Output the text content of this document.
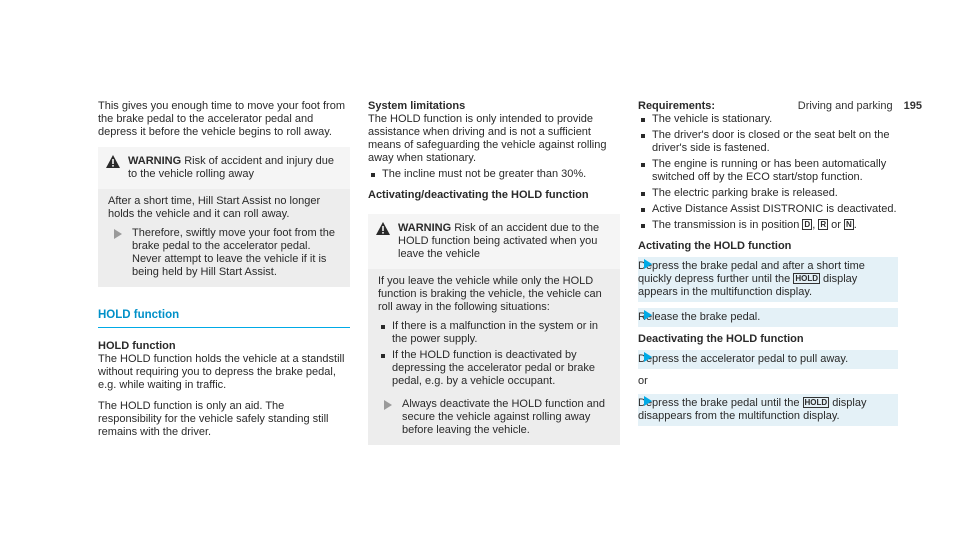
Driving and parking 195

This gives you enough time to move your foot from the brake pedal to the accelerator pedal and depress it before the vehicle begins to roll away.

WARNING Risk of accident and injury due to the vehicle rolling away

After a short time, Hill Start Assist no longer holds the vehicle and it can roll away.

Therefore, swiftly move your foot from the brake pedal to the accelerator pedal. Never attempt to leave the vehicle if it is being held by Hill Start Assist.
HOLD function
HOLD function

The HOLD function holds the vehicle at a standstill without requiring you to depress the brake pedal, e.g. while waiting in traffic.

The HOLD function is only an aid. The responsibility for the vehicle safely standing still remains with the driver.

System limitations

The HOLD function is only intended to provide assistance when driving and is not a sufficient means of safeguarding the vehicle against rolling away when stationary.

The incline must not be greater than 30%.
Activating/deactivating the HOLD function
WARNING Risk of an accident due to the HOLD function being activated when you leave the vehicle

If you leave the vehicle while only the HOLD function is braking the vehicle, the vehicle can roll away in the following situations:

If there is a malfunction in the system or in the power supply.
If the HOLD function is deactivated by depressing the accelerator pedal or brake pedal, e.g. by a vehicle occupant.
Always deactivate the HOLD function and secure the vehicle against rolling away before leaving the vehicle.
Requirements:
The vehicle is stationary.
The driver's door is closed or the seat belt on the driver's side is fastened.
The engine is running or has been automatically switched off by the ECO start/stop function.
The electric parking brake is released.
Active Distance Assist DISTRONIC is deactivated.
The transmission is in position D , R or N .
Activating the HOLD function
Depress the brake pedal and after a short time quickly depress further until the HOLD display appears in the multifunction display.
Release the brake pedal.
Deactivating the HOLD function
Depress the accelerator pedal to pull away.
or
Depress the brake pedal until the HOLD display disappears from the multifunction display.
